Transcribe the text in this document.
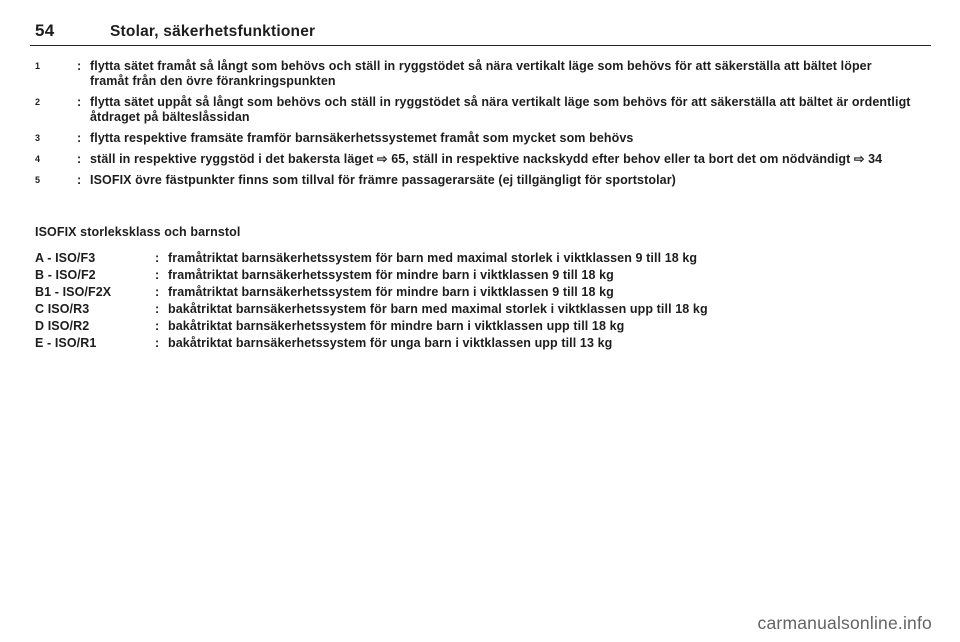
54	Stolar, säkerhetsfunktioner
1	: flytta sätet framåt så långt som behövs och ställ in ryggstödet så nära vertikalt läge som behövs för att säkerställa att bältet löper framåt från den övre förankringspunkten
2	: flytta sätet uppåt så långt som behövs och ställ in ryggstödet så nära vertikalt läge som behövs för att säkerställa att bältet är ordentligt åtdraget på bälteslåssidan
3	: flytta respektive framsäte framför barnsäkerhetssystemet framåt som mycket som behövs
4	: ställ in respektive ryggstöd i det bakersta läget ⇨ 65, ställ in respektive nackskydd efter behov eller ta bort det om nödvändigt ⇨ 34
5	: ISOFIX övre fästpunkter finns som tillval för främre passagerarsäte (ej tillgängligt för sportstolar)

ISOFIX storleksklass och barnstol

A - ISO/F3	: framåtriktat barnsäkerhetssystem för barn med maximal storlek i viktklassen 9 till 18 kg
B - ISO/F2	: framåtriktat barnsäkerhetssystem för mindre barn i viktklassen 9 till 18 kg
B1 - ISO/F2X	: framåtriktat barnsäkerhetssystem för mindre barn i viktklassen 9 till 18 kg
C ISO/R3	: bakåtriktat barnsäkerhetssystem för barn med maximal storlek i viktklassen upp till 18 kg
D ISO/R2	: bakåtriktat barnsäkerhetssystem för mindre barn i viktklassen upp till 18 kg
E - ISO/R1	: bakåtriktat barnsäkerhetssystem för unga barn i viktklassen upp till 13 kg
carmanualsonline.info
